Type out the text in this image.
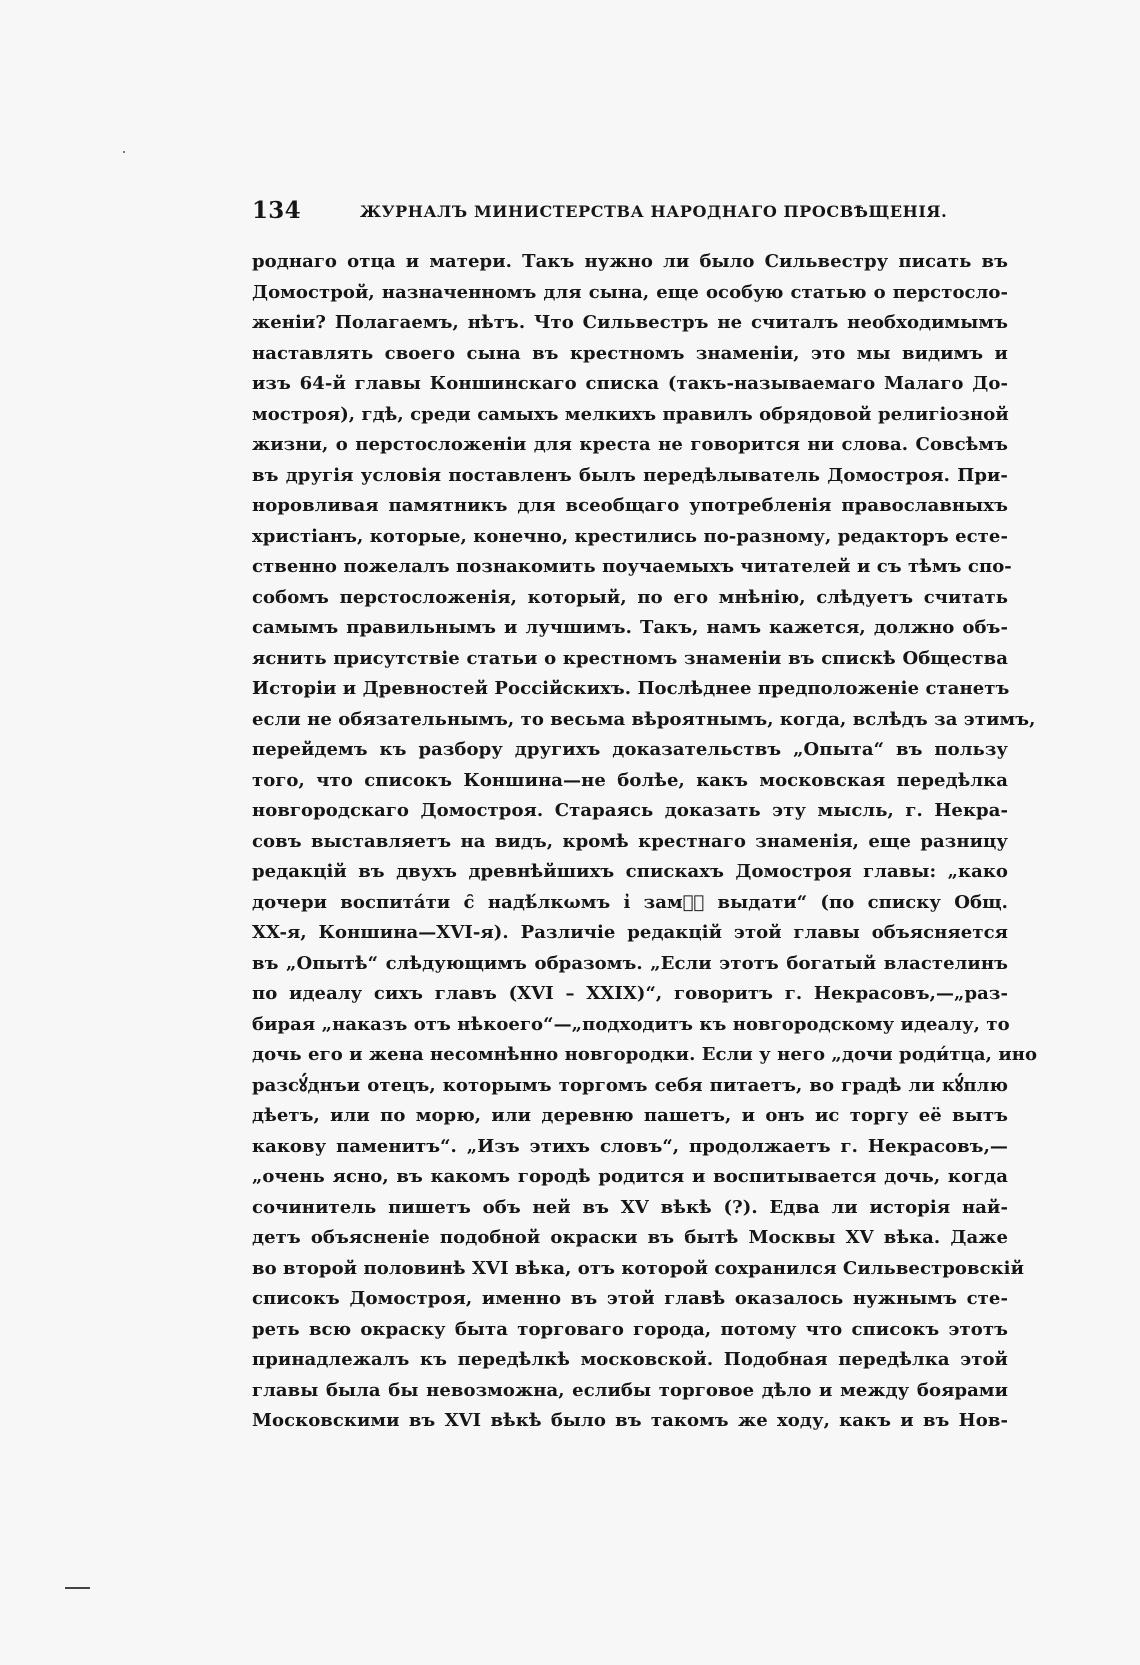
134	ЖУРНАЛЪ МИНИСТЕРСТВА НАРОДНАГО ПРОСВѢЩЕНІЯ.
роднаго отца и матери. Такъ нужно ли было Сильвестру писать въ
Домострой, назначенномъ для сына, еще особую статью о перстосло-
женіи? Полагаемъ, нѣтъ. Что Сильвестръ не считалъ необходимымъ
наставлять своего сына въ крестномъ знаменіи, это мы видимъ и
изъ 64-й главы Коншинскаго списка (такъ-называемаго Малаго До-
мостроя), гдѣ, среди самыхъ мелкихъ правилъ обрядовой религіозной
жизни, о перстосложеніи для креста не говорится ни слова. Совсѣмъ
въ другія условія поставленъ былъ передѣлыватель Домостроя. При-
норовливая памятникъ для всеобщаго употребленія православныхъ
христіанъ, которые, конечно, крестились по-разному, редакторъ есте-
ственно пожелалъ познакомить поучаемыхъ читателей и съ тѣмъ спо-
собомъ перстосложенія, который, по его мнѣнію, слѣдуетъ считать
самымъ правильнымъ и лучшимъ. Такъ, намъ кажется, должно объ-
яснить присутствіе статьи о крестномъ знаменіи въ спискѣ Общества
Исторіи и Древностей Россійскихъ. Послѣднее предположеніе станетъ
если не обязательнымъ, то весьма вѣроятнымъ, когда, вслѣдъ за этимъ,
перейдемъ къ разбору другихъ доказательствъ „Опыта“ въ пользу
того, что списокъ Коншина—не болѣе, какъ московская передѣлка
новгородскаго Домостроя. Стараясь доказать эту мысль, г. Некра-
совъ выставляетъ на видъ, кромѣ крестнаго знаменія, еще разницу
редакцій въ двухъ древнѣйшихъ спискахъ Домостроя главы: „како
дочери воспита́ти с̑ надѣ́лкωмъ і̓ замⷤ҇ выдати“ (по списку Общ.
XX-я, Коншина—XVI-я). Различіе редакцій этой главы объясняется
въ „Опытѣ“ слѣдующимъ образомъ. „Если этотъ богатый властелинъ
по идеалу сихъ главъ (XVI – XXIX)“, говоритъ г. Некрасовъ,—„раз-
бирая „наказъ отъ нѣкоего“—„подходитъ къ новгородскому идеалу, то
дочь его и жена несомнѣнно новгородки. Если у него „дочи роди́тца, ино
разсꙋ́днъи отецъ, которымъ торгомъ себя питаетъ, во градѣ ли кꙋ́плю
дѣетъ, или по морю, или деревню пашетъ, и онъ ис торгу её вытъ
какову паменитъ“. „Изъ этихъ словъ“, продолжаетъ г. Некрасовъ,—
„очень ясно, въ какомъ городѣ родится и воспитывается дочь, когда
сочинитель пишетъ объ ней въ XV вѣкѣ (?). Едва ли исторія най-
детъ объясненіе подобной окраски въ бытѣ Москвы XV вѣка. Даже
во второй половинѣ XVI вѣка, отъ которой сохранился Сильвестровскій
списокъ Домостроя, именно въ этой главѣ оказалось нужнымъ сте-
реть всю окраску быта торговаго города, потому что списокъ этотъ
принадлежалъ къ передѣлкѣ московской. Подобная передѣлка этой
главы была бы невозможна, еслибы торговое дѣло и между боярами
Московскими въ XVI вѣкѣ было въ такомъ же ходу, какъ и въ Нов-
